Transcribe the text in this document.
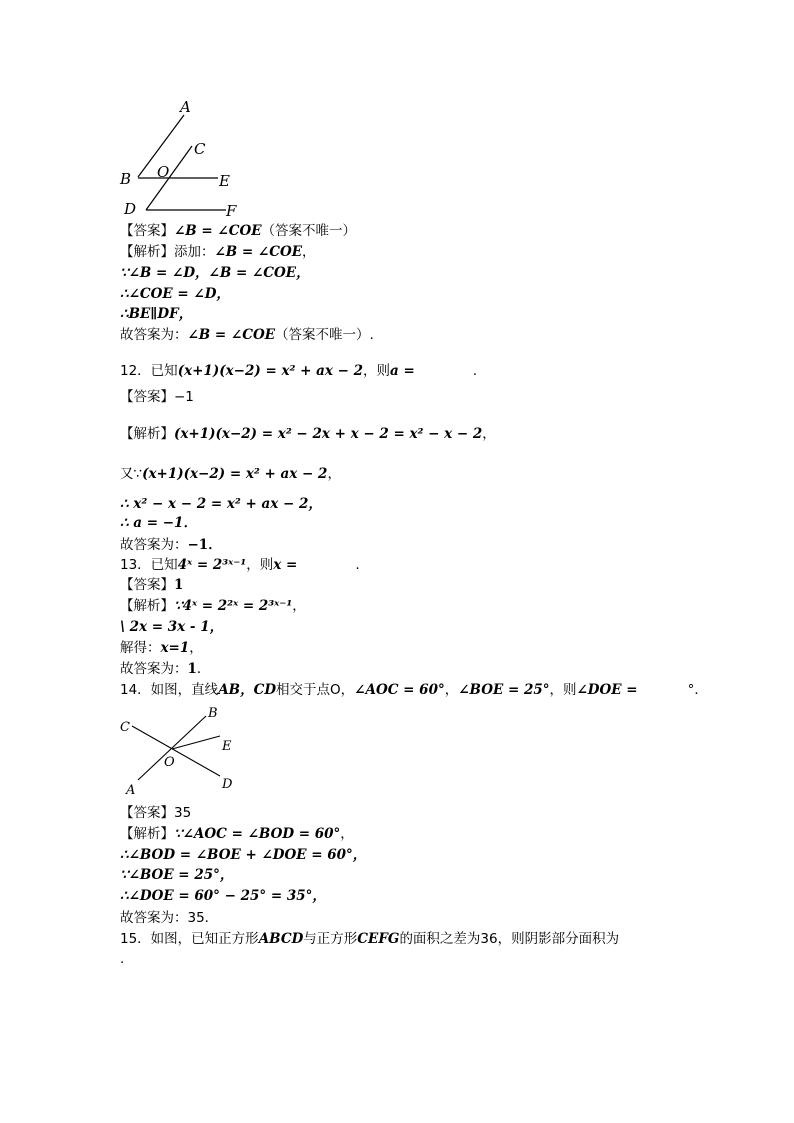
A
C
O
B	E
D	F
【答案】∠B = ∠COE（答案不唯一）
【解析】添加：∠B = ∠COE，
∵∠B = ∠D，∠B = ∠COE，
∴∠COE = ∠D，
∴BE∥DF，
故答案为：∠B = ∠COE（答案不唯一）.
12．已知(x+1)(x−2) = x² + ax − 2，则a =	.
【答案】−1
【解析】(x+1)(x−2) = x² − 2x + x − 2 = x² − x − 2，
又∵(x+1)(x−2) = x² + ax − 2，
∴ x² − x − 2 = x² + ax − 2，
∴ a = −1．
故答案为：−1．
13．已知4ˣ = 2³ˣ⁻¹，则x =	.
【答案】1
【解析】∵4ˣ = 2²ˣ = 2³ˣ⁻¹，
\ 2x = 3x - 1，
解得：x=1，
故答案为：1．
14．如图，直线AB，CD相交于点O，∠AOC = 60°，∠BOE = 25°，则∠DOE =	°．
B
C
E
O
A	D
【答案】35
【解析】∵∠AOC = ∠BOD = 60°，
∴∠BOD = ∠BOE + ∠DOE = 60°，
∵∠BOE = 25°，
∴∠DOE = 60° − 25° = 35°，
故答案为：35．
15．如图，已知正方形ABCD与正方形CEFG的面积之差为36，则阴影部分面积为
.
